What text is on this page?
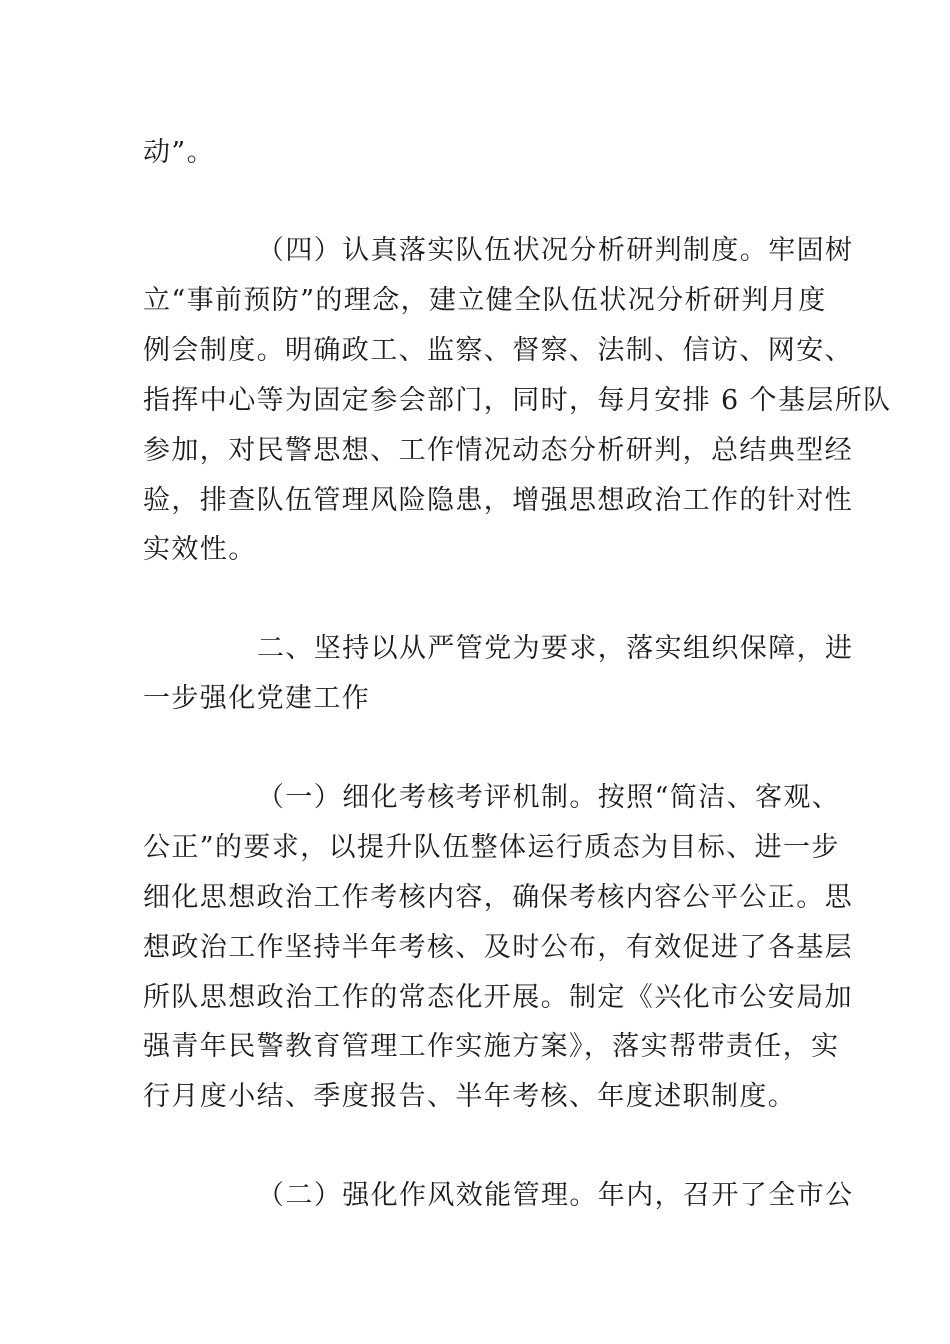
动”。
（四）认真落实队伍状况分析研判制度。牢固树
立“事前预防”的理念，建立健全队伍状况分析研判月度
例会制度。明确政工、监察、督察、法制、信访、网安、
指挥中心等为固定参会部门，同时，每月安排 6 个基层所队
参加，对民警思想、工作情况动态分析研判，总结典型经
验，排查队伍管理风险隐患，增强思想政治工作的针对性
实效性。
二、坚持以从严管党为要求，落实组织保障，进
一步强化党建工作
（一）细化考核考评机制。按照“简洁、客观、
公正”的要求，以提升队伍整体运行质态为目标、进一步
细化思想政治工作考核内容，确保考核内容公平公正。思
想政治工作坚持半年考核、及时公布，有效促进了各基层
所队思想政治工作的常态化开展。制定《兴化市公安局加
强青年民警教育管理工作实施方案》，落实帮带责任，实
行月度小结、季度报告、半年考核、年度述职制度。
（二）强化作风效能管理。年内，召开了全市公
